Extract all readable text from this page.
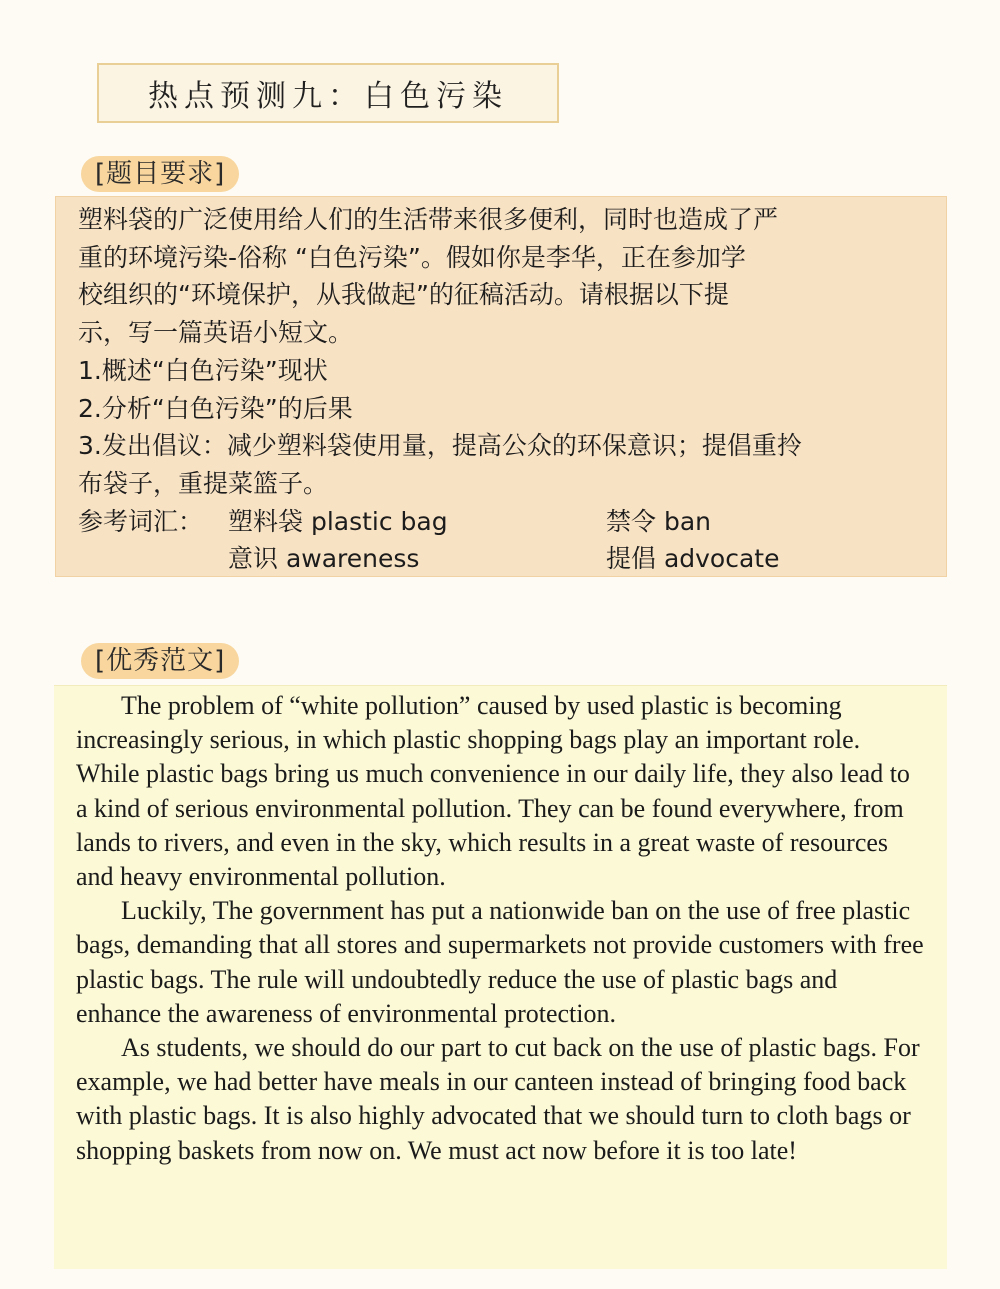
热点预测九：白色污染
[题目要求]

塑料袋的广泛使用给人们的生活带来很多便利，同时也造成了严

重的环境污染-俗称 “白色污染”。假如你是李华，正在参加学

校组织的“环境保护，从我做起”的征稿活动。请根据以下提

示，写一篇英语小短文。

1.概述“白色污染”现状

2.分析“白色污染”的后果

3.发出倡议：减少塑料袋使用量，提高公众的环保意识；提倡重拎

布袋子，重提菜篮子。

参考词汇： 塑料袋 plastic bag	禁令 ban
意识 awareness	提倡 advocate
[优秀范文]

The problem of “white pollution” caused by used plastic is becoming increasingly serious, in which plastic shopping bags play an important role. While plastic bags bring us much convenience in our daily life, they also lead to a kind of serious environmental pollution. They can be found everywhere, from lands to rivers, and even in the sky, which results in a great waste of resources and heavy environmental pollution.

Luckily, The government has put a nationwide ban on the use of free plastic bags, demanding that all stores and supermarkets not provide customers with free plastic bags. The rule will undoubtedly reduce the use of plastic bags and enhance the awareness of environmental protection.

As students, we should do our part to cut back on the use of plastic bags. For example, we had better have meals in our canteen instead of bringing food back with plastic bags. It is also highly advocated that we should turn to cloth bags or shopping baskets from now on. We must act now before it is too late!
